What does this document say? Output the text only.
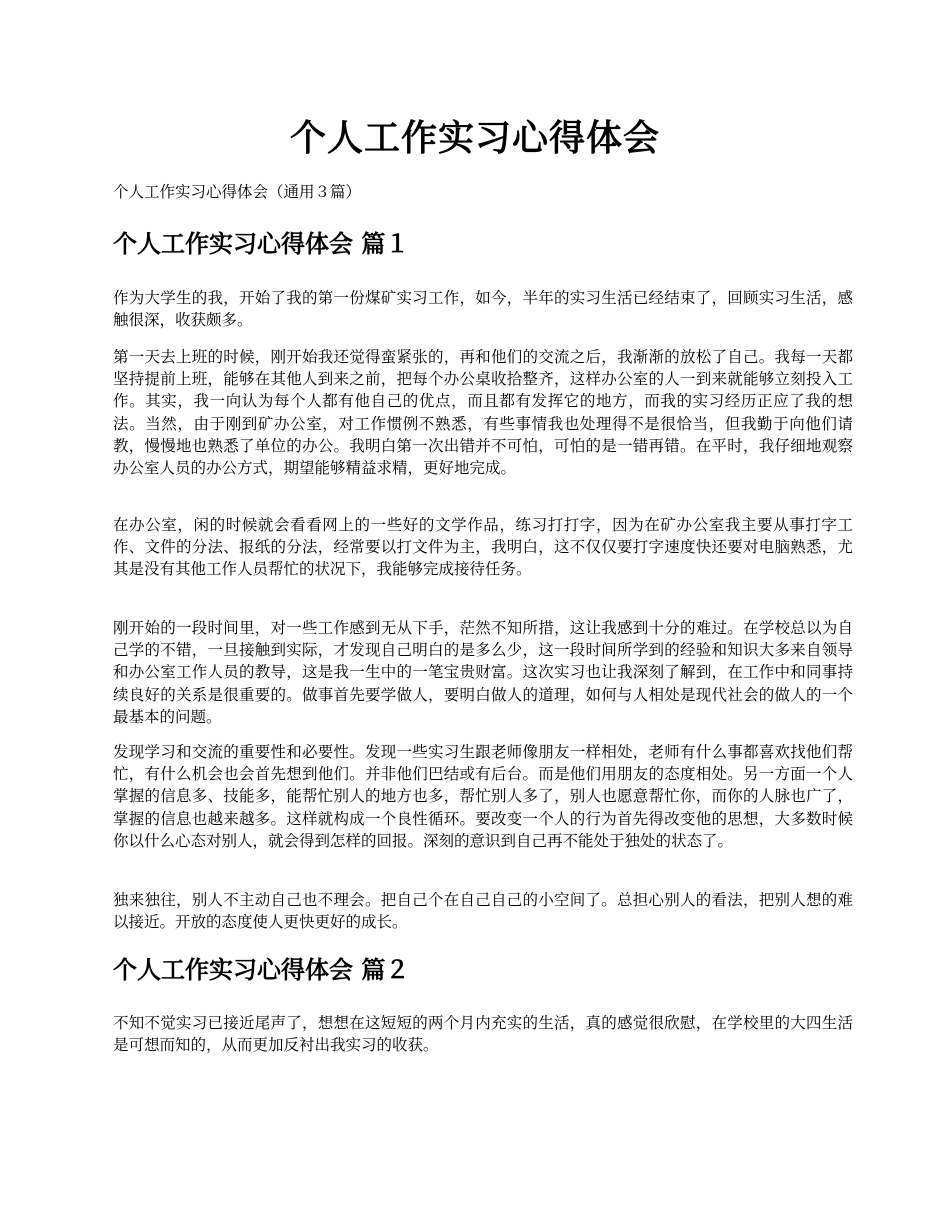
个人工作实习心得体会

个人工作实习心得体会（通用３篇）

个人工作实习心得体会 篇１

作为大学生的我，开始了我的第一份煤矿实习工作，如今，半年的实习生活已经结束了，回顾实习生活，感触很深，收获颇多。

第一天去上班的时候，刚开始我还觉得蛮紧张的，再和他们的交流之后，我渐渐的放松了自己。我每一天都坚持提前上班，能够在其他人到来之前，把每个办公桌收拾整齐，这样办公室的人一到来就能够立刻投入工作。其实，我一向认为每个人都有他自己的优点，而且都有发挥它的地方，而我的实习经历正应了我的想法。当然，由于刚到矿办公室，对工作惯例不熟悉，有些事情我也处理得不是很恰当，但我勤于向他们请教，慢慢地也熟悉了单位的办公。我明白第一次出错并不可怕，可怕的是一错再错。在平时，我仔细地观察办公室人员的办公方式，期望能够精益求精，更好地完成。

在办公室，闲的时候就会看看网上的一些好的文学作品，练习打打字，因为在矿办公室我主要从事打字工作、文件的分法、报纸的分法，经常要以打文件为主，我明白，这不仅仅要打字速度快还要对电脑熟悉，尤其是没有其他工作人员帮忙的状况下，我能够完成接待任务。

刚开始的一段时间里，对一些工作感到无从下手，茫然不知所措，这让我感到十分的难过。在学校总以为自己学的不错，一旦接触到实际，才发现自己明白的是多么少，这一段时间所学到的经验和知识大多来自领导和办公室工作人员的教导，这是我一生中的一笔宝贵财富。这次实习也让我深刻了解到，在工作中和同事持续良好的关系是很重要的。做事首先要学做人，要明白做人的道理，如何与人相处是现代社会的做人的一个最基本的问题。

发现学习和交流的重要性和必要性。发现一些实习生跟老师像朋友一样相处，老师有什么事都喜欢找他们帮忙，有什么机会也会首先想到他们。并非他们巴结或有后台。而是他们用朋友的态度相处。另一方面一个人掌握的信息多、技能多，能帮忙别人的地方也多，帮忙别人多了，别人也愿意帮忙你，而你的人脉也广了，掌握的信息也越来越多。这样就构成一个良性循环。要改变一个人的行为首先得改变他的思想，大多数时候你以什么心态对别人，就会得到怎样的回报。深刻的意识到自己再不能处于独处的状态了。

独来独往，别人不主动自己也不理会。把自己个在自己自己的小空间了。总担心别人的看法，把别人想的难以接近。开放的态度使人更快更好的成长。

个人工作实习心得体会 篇２

不知不觉实习已接近尾声了，想想在这短短的两个月内充实的生活，真的感觉很欣慰，在学校里的大四生活是可想而知的，从而更加反衬出我实习的收获。
